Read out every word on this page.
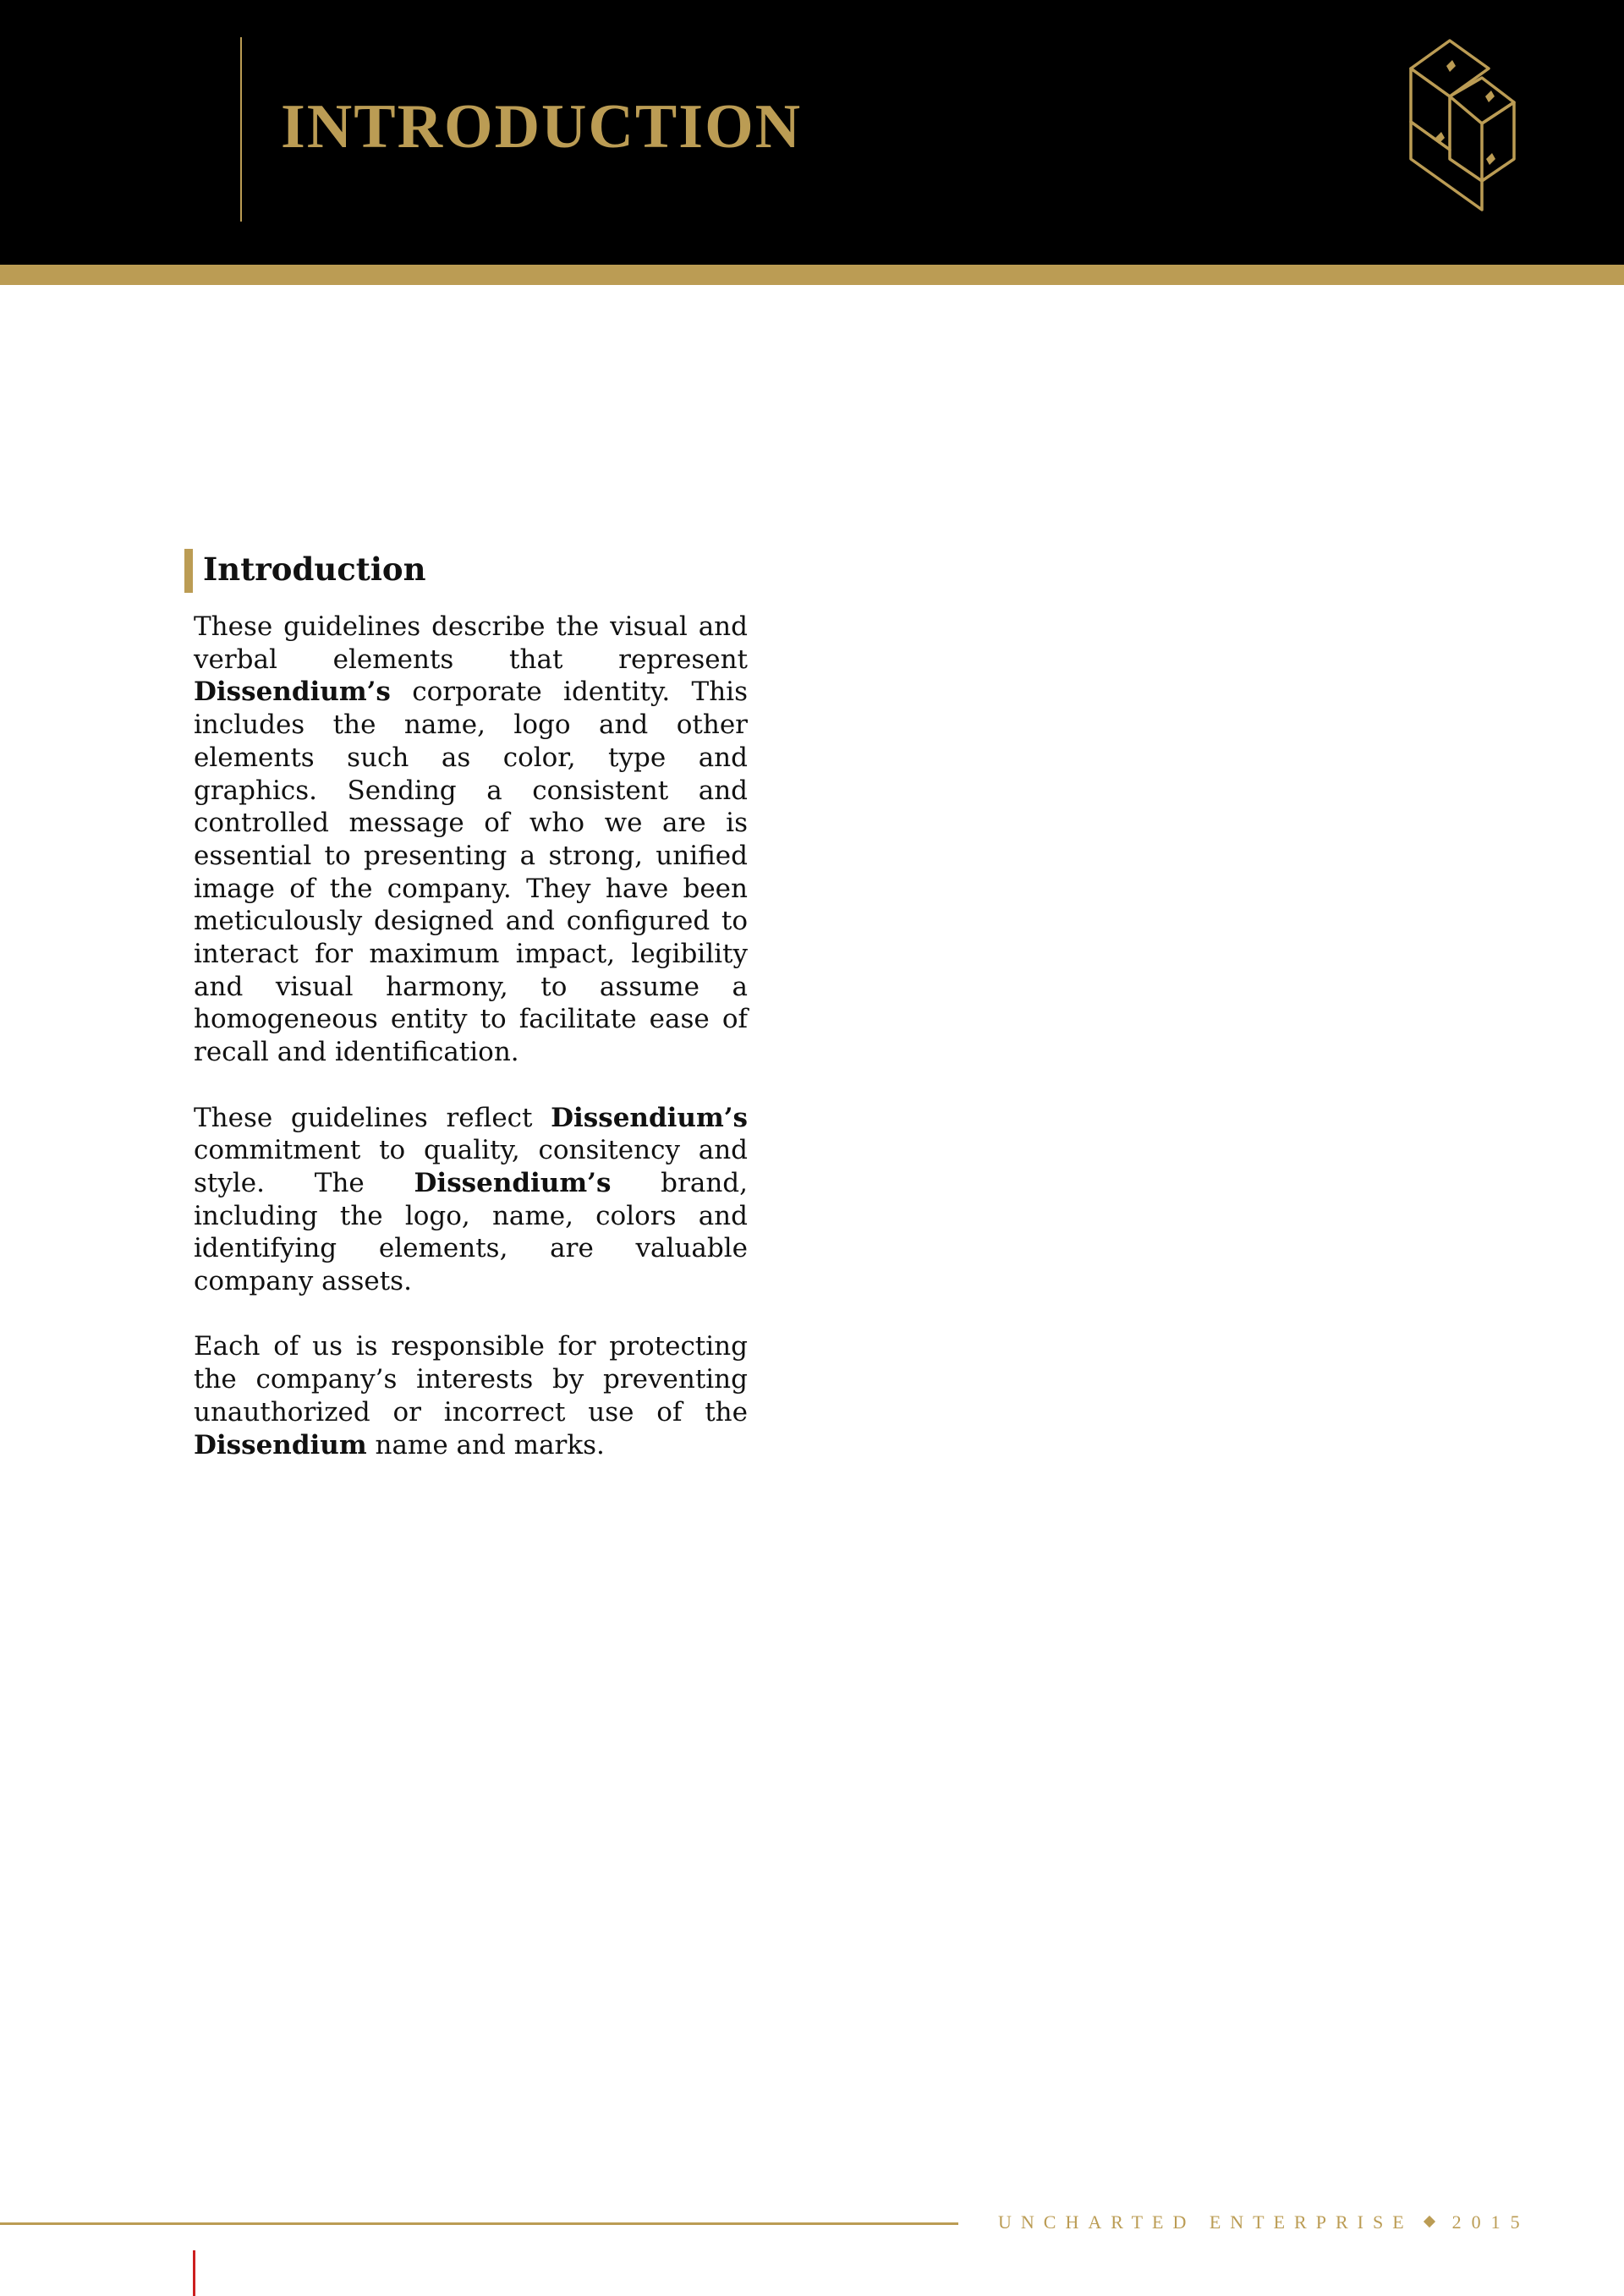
INTRODUCTION
Introduction

These guidelines describe the visual and verbal elements that represent Dissendium’s corporate identity. This includes the name, logo and other elements such as color, type and graphics. Sending a consistent and controlled message of who we are is essential to presenting a strong, unified image of the company. They have been meticulously designed and configured to interact for maximum impact, legibility and visual harmony, to assume a homogeneous entity to facilitate ease of recall and identification.

These guidelines reflect Dissendium’s commitment to quality, consitency and style. The Dissendium’s brand, including the logo, name, colors and identifying elements, are valuable company assets.

Each of us is responsible for protecting the company’s interests by preventing unauthorized or incorrect use of the Dissendium name and marks.

UNCHARTED ENTERPRISE 2015
